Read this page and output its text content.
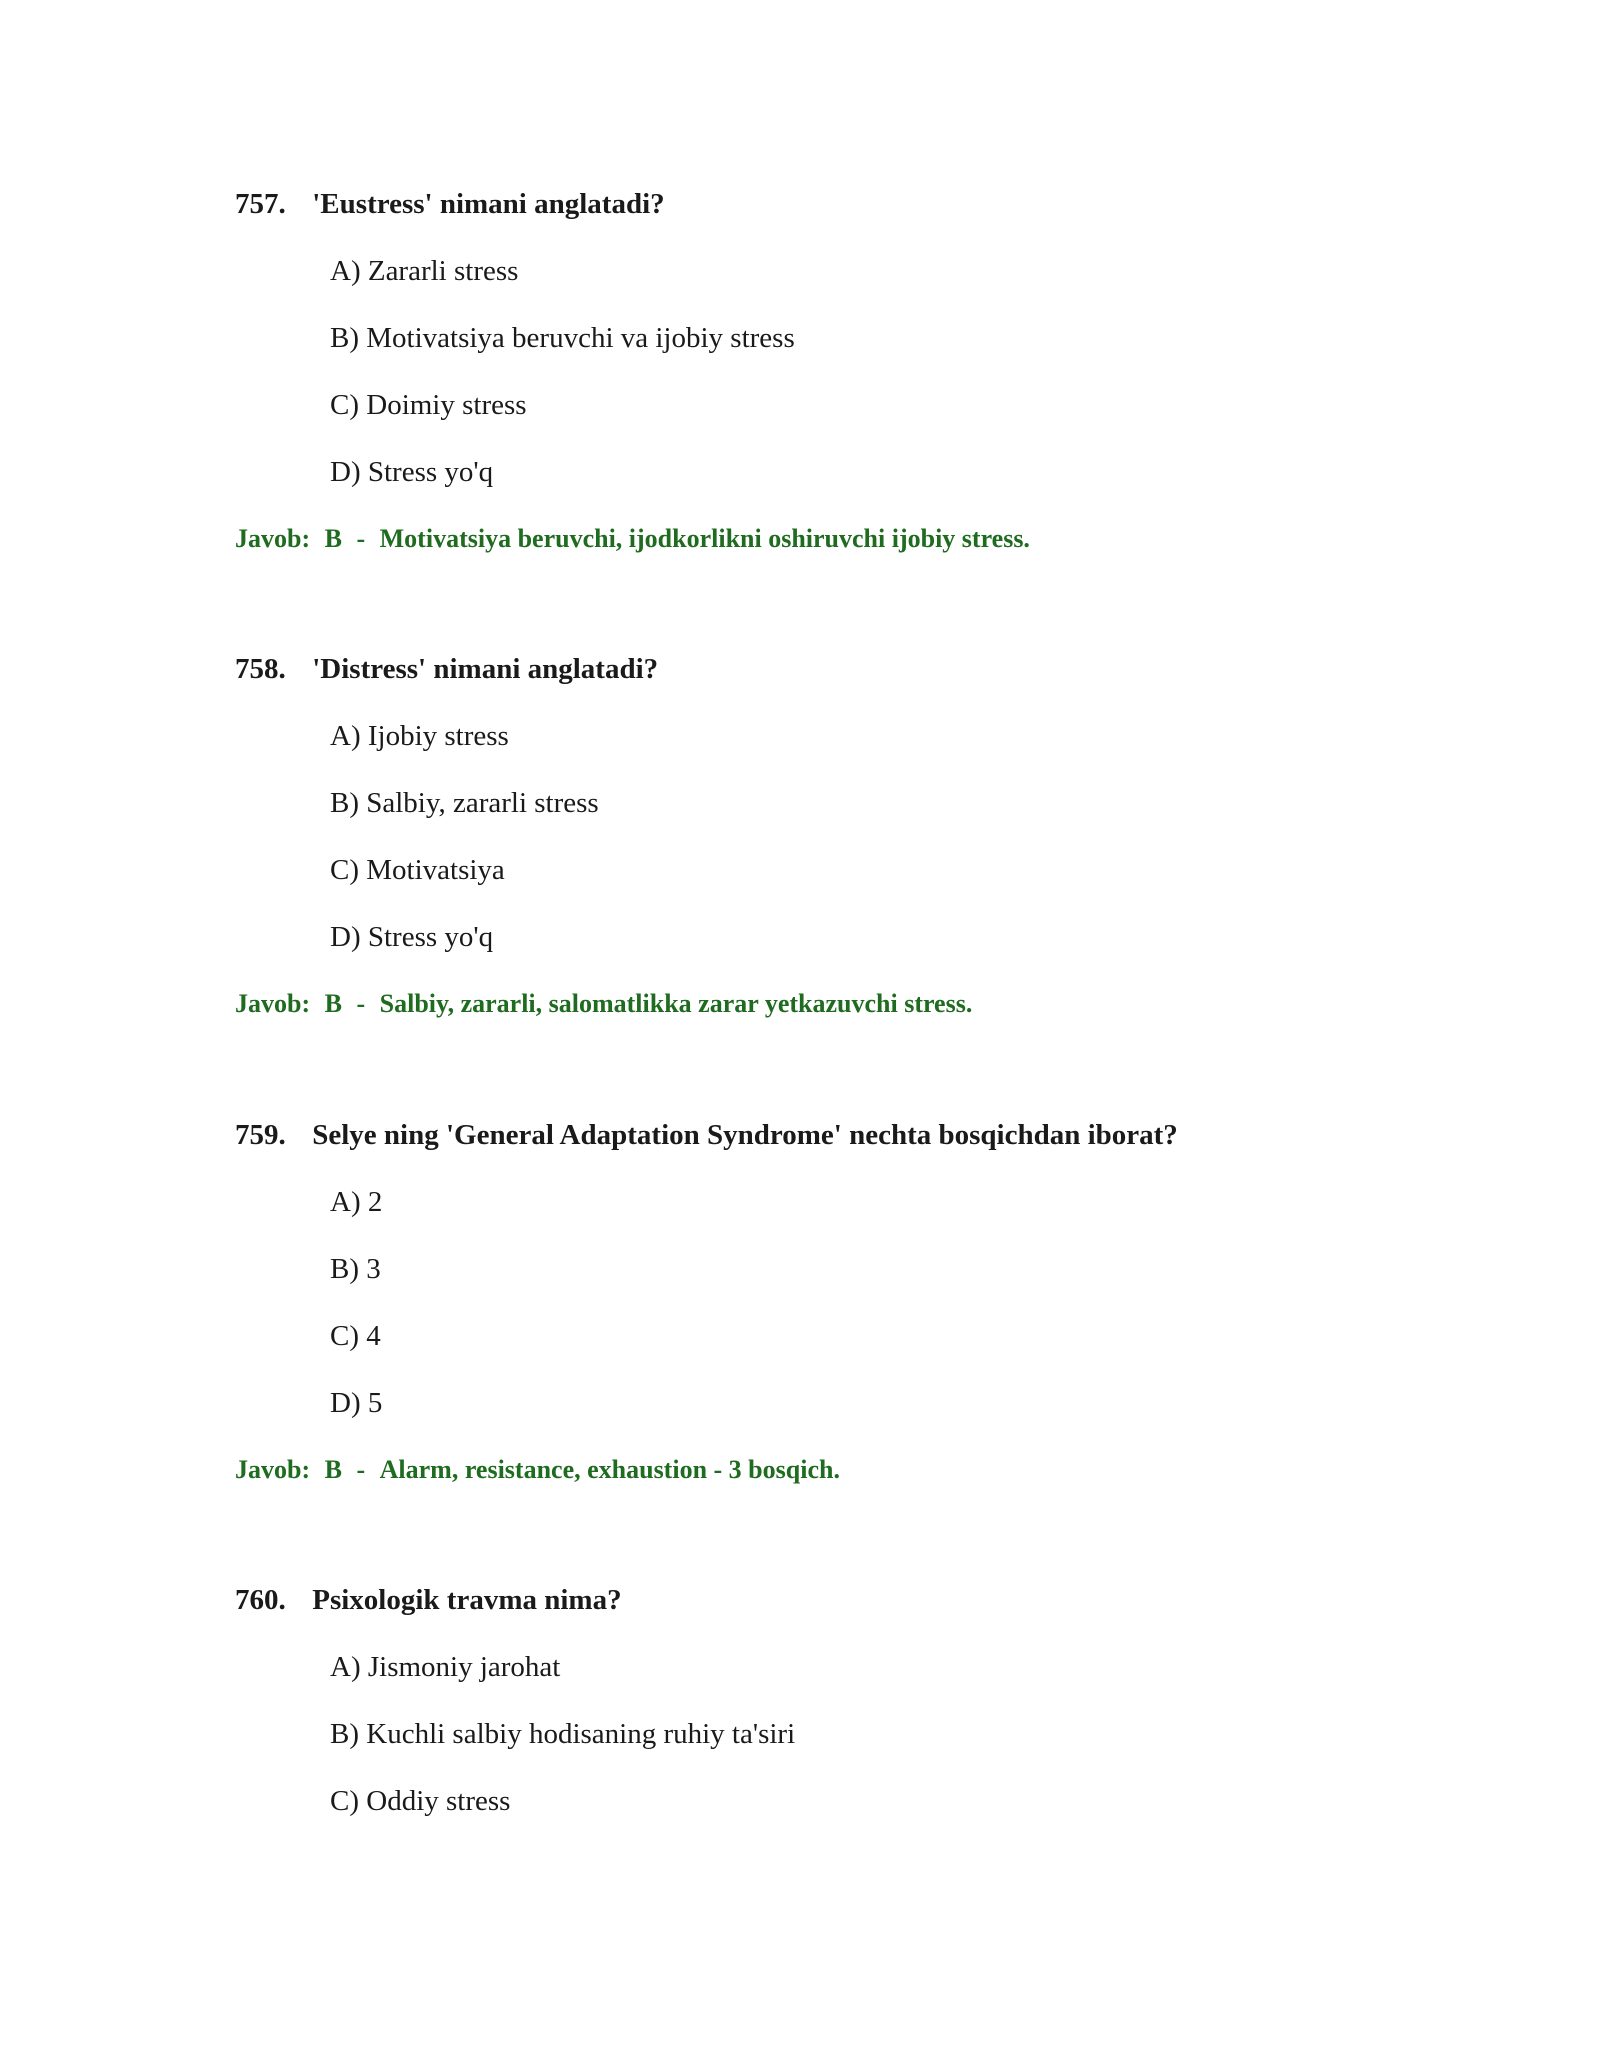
757. 'Eustress' nimani anglatadi?
A) Zararli stress
B) Motivatsiya beruvchi va ijobiy stress
C) Doimiy stress
D) Stress yo'q
Javob: B - Motivatsiya beruvchi, ijodkorlikni oshiruvchi ijobiy stress.
758. 'Distress' nimani anglatadi?
A) Ijobiy stress
B) Salbiy, zararli stress
C) Motivatsiya
D) Stress yo'q
Javob: B - Salbiy, zararli, salomatlikka zarar yetkazuvchi stress.
759. Selye ning 'General Adaptation Syndrome' nechta bosqichdan iborat?
A) 2
B) 3
C) 4
D) 5
Javob: B - Alarm, resistance, exhaustion - 3 bosqich.
760. Psixologik travma nima?
A) Jismoniy jarohat
B) Kuchli salbiy hodisaning ruhiy ta'siri
C) Oddiy stress
